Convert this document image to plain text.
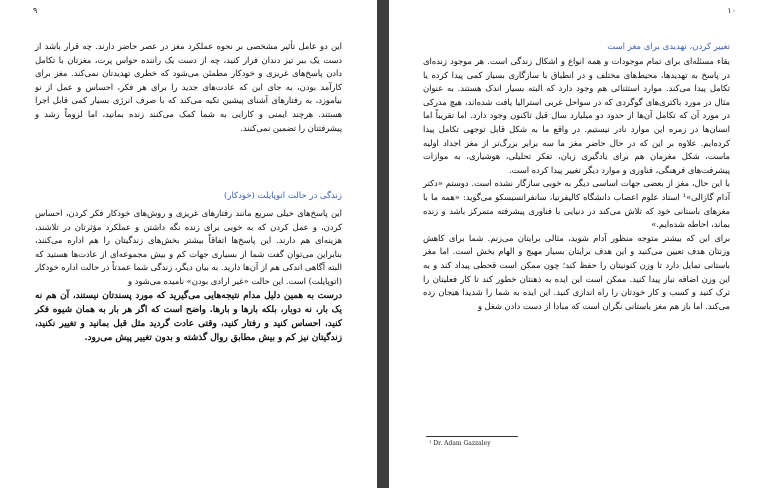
۹

این دو عامل تأثیر مشخصی بر نحوه عملکرد مغز در عصر حاضر دارند. چه قرار باشد از دست یک ببر تیز دندان فرار کنید، چه از دست یک راننده حواس پرت، مغزتان با تکامل دادن پاسخ‌های غریزی و خودکار مطمئن می‌شود که خطری تهدیدتان نمی‌کند. مغز برای کارآمد بودن، به جای این که عادت‌های جدید را برای هر فکر، احساس و عمل از نو بیاموزد، به رفتارهای آشنای پیشین تکیه می‌کند که با صرف انرژی بسیار کمی قابل اجرا هستند. هرچند ایمنی و کارایی به شما کمک می‌کنند زنده بمانید، اما لزوماً رشد و پیشرفتتان را تضمین نمی‌کنند.

زندگی در حالت اتوپایلت (خودکار)

این پاسخ‌های خیلی سریع مانند رفتارهای غریزی و روش‌های خودکار فکر کردن، احساس کردن، و عمل کردن که به خوبی برای زنده نگه داشتن و عملکرد مؤثرتان در تلاشند، هزینه‌ای هم دارند. این پاسخ‌ها اتفاقاً بیشتر بخش‌های زندگیتان را هم اداره می‌کنند، بنابراین می‌توان گفت شما از بسیاری جهات کم و بیش مجموعه‌ای از عادت‌ها هستید که البته آگاهی اندکی هم از آن‌ها دارید. به بیان دیگر، زندگی شما عمدتاً در حالت اداره خودکار (اتوپایلت) است. این حالت «غیر ارادی بودن» نامیده می‌شود و

درست به همین دلیل مدام نتیجه‌هایی می‌گیرید که مورد پسندتان نیستند، آن هم نه یک بار، نه دوبار، بلکه بارها و بارها. واضح است که اگر هر بار به همان شیوه فکر کنید، احساس کنید و رفتار کنید، وقتی عادت گردید مثل قبل بمانید و تغییر نکنید، زندگیتان نیز کم و بیش مطابق روال گذشته و بدون تغییر پیش می‌رود.

۱۰
تغییر کردن، تهدیدی برای مغز است

بقاء مسئله‌ای برای تمام موجودات و همه انواع و اشکال زندگی است. هر موجود زنده‌ای در پاسخ به تهدیدها، محیط‌های مختلف و در انطباق با سازگاری بسیار کمی پیدا کرده یا تکامل پیدا می‌کند. موارد استثنائی هم وجود دارد که البته بسیار اندک هستند. به عنوان مثال در مورد باکتری‌های گوگردی که در سواحل غربی استرالیا یافت شده‌اند، هیچ مدرکی در مورد آن که تکامل آن‌ها از حدود دو میلیارد سال قبل تاکنون وجود دارد. اما تقریباً اما انسان‌ها در زمره این موارد نادر نیستیم. در واقع ما به شکل قابل توجهی تکامل پیدا کرده‌ایم. علاوه بر این که در حال حاضر مغز ما سه برابر بزرگ‌تر از مغز اجداد اولیه ماست، شکل مغزمان هم برای یادگیری زبان، تفکر تحلیلی، هوشیاری، به موازات پیشرفت‌های فرهنگی، فناوری و موارد دیگر تغییر پیدا کرده است.

با این حال، مغز از بعضی جهات اساسی دیگر به خوبی سازگار نشده است. دوستم «دکتر آدام گازالی»¹ استاد علوم اعصاب دانشگاه کالیفرنیا، سانفرانسیسکو می‌گوید: «همه ما با مغزهای باستانی خود که تلاش می‌کند در دنیایی با فناوری پیشرفته متمرکز باشد و زنده بماند، احاطه شده‌ایم.»

برای این که بیشتر متوجه منظور آدام شوید، مثالی برایتان می‌زنم. شما برای کاهش وزنتان هدف تعیین می‌کنید و این هدف برایتان بسیار مهیج و الهام بخش است. اما مغز باستانی تمایل دارد تا وزن کنونیتان را حفظ کند؛ چون ممکن است قحطی پیداد کند و به این وزن اضافه نیاز پیدا کنید. ممکن است این ایده به ذهنتان خطور کند تا کار فعلیتان را ترک کنید و کسب و کار خودتان را راه اندازی کنید. این ایده به شما را شدیدا هیجان زده می‌کند. اما باز هم مغز باستانی نگران است که مبادا از دست دادن شغل و

¹ Dr. Adam Gazzaley
